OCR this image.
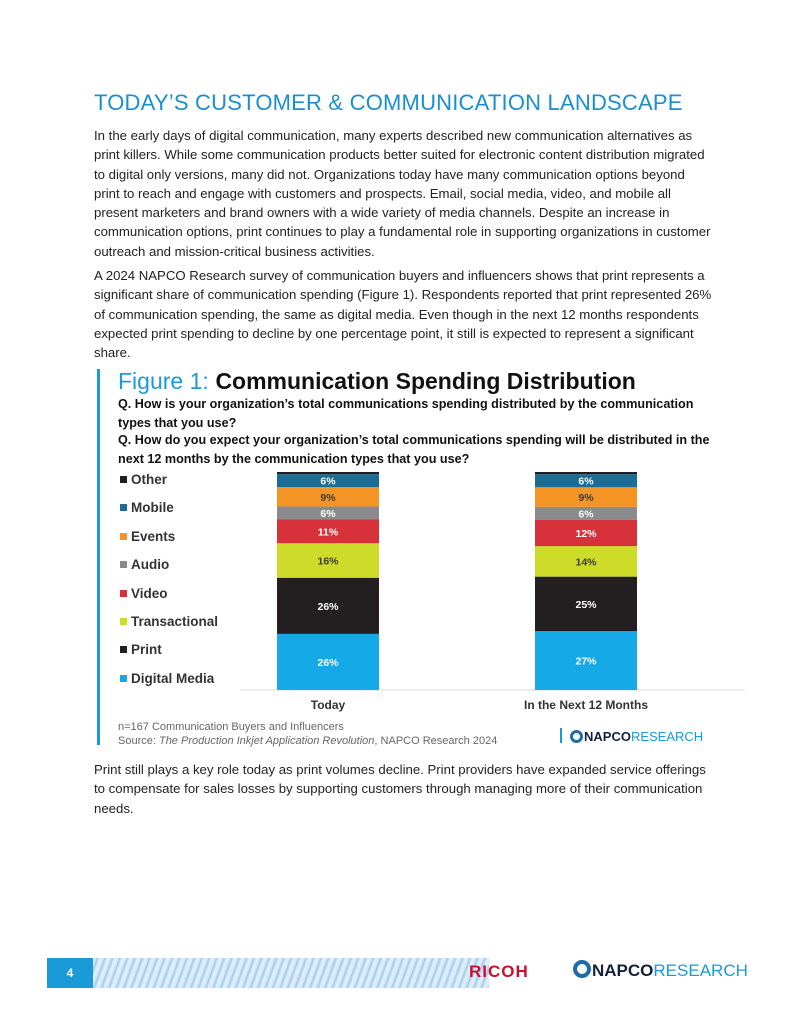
TODAY’S CUSTOMER & COMMUNICATION LANDSCAPE

In the early days of digital communication, many experts described new communication alternatives as print killers. While some communication products better suited for electronic content distribution migrated to digital only versions, many did not. Organizations today have many communication options beyond print to reach and engage with customers and prospects. Email, social media, video, and mobile all present marketers and brand owners with a wide variety of media channels. Despite an increase in communication options, print continues to play a fundamental role in supporting organizations in customer outreach and mission-critical business activities.

A 2024 NAPCO Research survey of communication buyers and influencers shows that print represents a significant share of communication spending (Figure 1). Respondents reported that print represented 26% of communication spending, the same as digital media. Even though in the next 12 months respondents expected print spending to decline by one percentage point, it still is expected to represent a significant share.

Figure 1: Communication Spending Distribution

Q. How is your organization’s total communications spending distributed by the communication types that you use?

Q. How do you expect your organization’s total communications spending will be distributed in the next 12 months by the communication types that you use?

Other
Mobile
Events
Audio
Video
Transactional
Print
Digital Media
26%
26%
16%
11%
6%
9%
6%
Today
27%
25%
14%
12%
6%
9%
6%
In the Next 12 Months

n=167 Communication Buyers and Influencers

Source: The Production Inkjet Application Revolution, NAPCO Research 2024	NAPCORESEARCH

Print still plays a key role today as print volumes decline. Print providers have expanded service offerings to compensate for sales losses by supporting customers through managing more of their communication needs.

4	RICOH	NAPCORESEARCH
